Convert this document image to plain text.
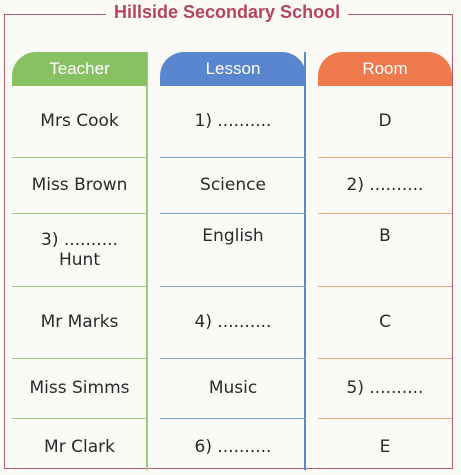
Hillside Secondary School
Teacher
Mrs Cook
Miss Brown
3) ..........
Hunt
Mr Marks
Miss Simms
Mr Clark
Lesson
1) ..........
Science
English
4) ..........
Music
6) ..........
Room
D
2) ..........
B
C
5) ..........
E
